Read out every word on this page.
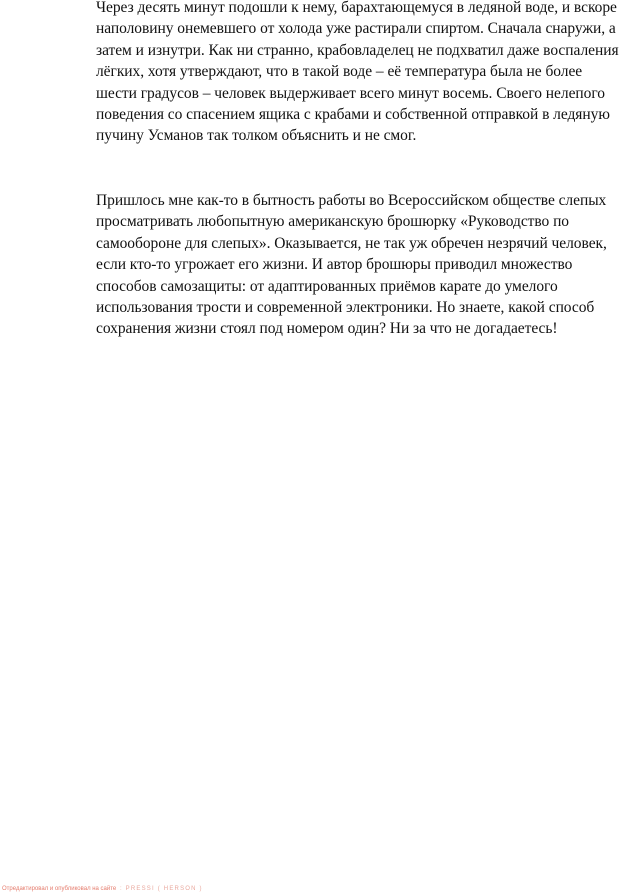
Через десять минут подошли к нему, барахтающемуся в ледяной воде, и вскоре
наполовину онемевшего от холода уже растирали спиртом. Сначала снаружи, а
затем и изнутри. Как ни странно, крабовладелец не подхватил даже воспаления
лёгких, хотя утверждают, что в такой воде – её температура была не более
шести градусов – человек выдерживает всего минут восемь. Своего нелепого
поведения со спасением ящика с крабами и собственной отправкой в ледяную
пучину Усманов так толком объяснить и не смог.
Пришлось мне как-то в бытность работы во Всероссийском обществе слепых
просматривать любопытную американскую брошюрку «Руководство по
самообороне для слепых». Оказывается, не так уж обречен незрячий человек,
если кто-то угрожает его жизни. И автор брошюры приводил множество
способов самозащиты: от адаптированных приёмов карате до умелого
использования трости и современной электроники. Но знаете, какой способ
сохранения жизни стоял под номером один? Ни за что не догадаетесь!
Отредактировал и опубликовал на сайте : PRESSI ( HERSON )
